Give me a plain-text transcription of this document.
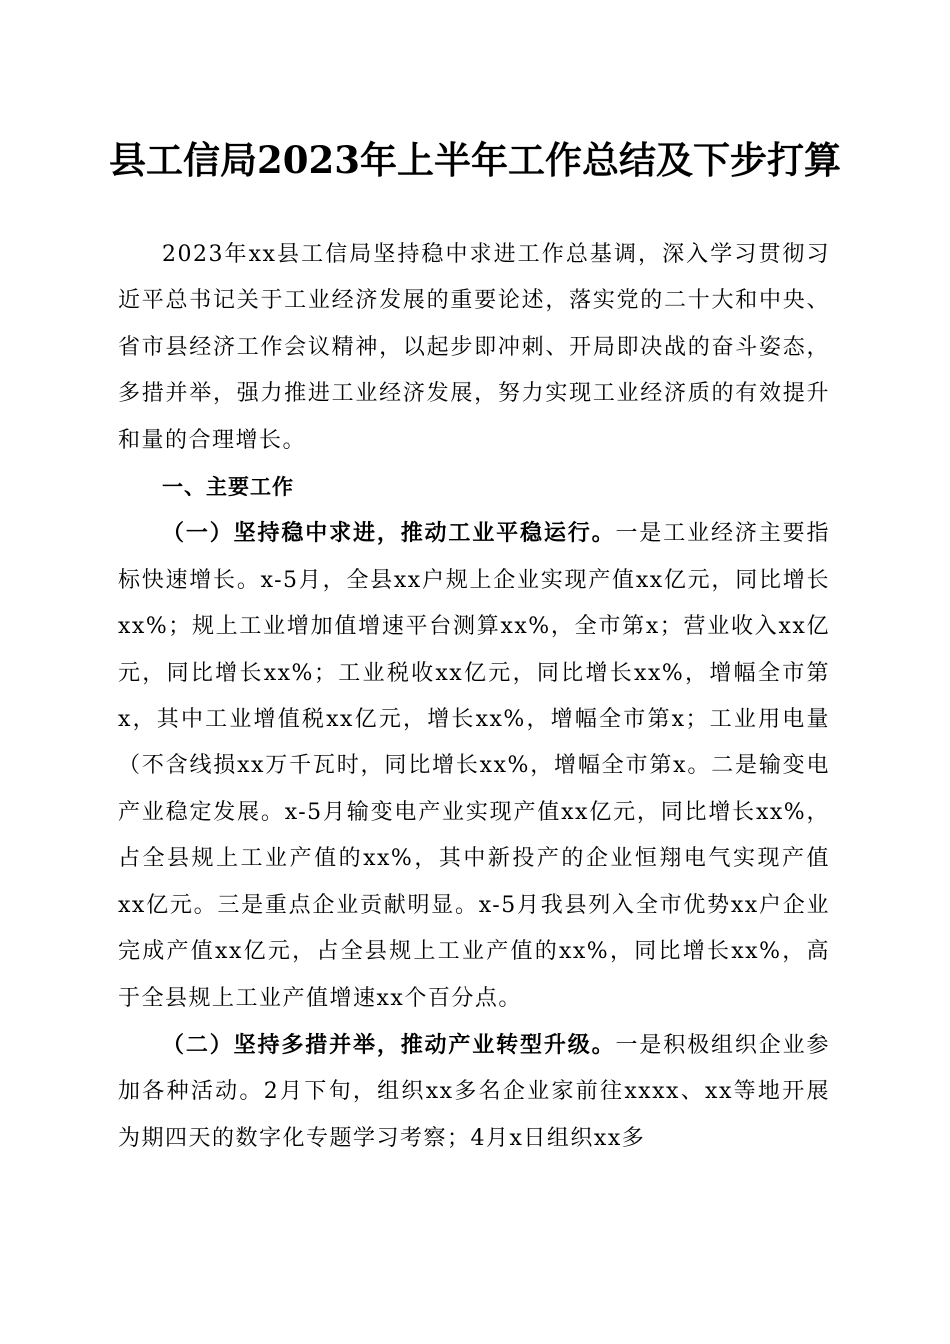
县工信局2023年上半年工作总结及下步打算

2023年xx县工信局坚持稳中求进工作总基调，深入学习贯彻习近平总书记关于工业经济发展的重要论述，落实党的二十大和中央、省市县经济工作会议精神，以起步即冲刺、开局即决战的奋斗姿态，多措并举，强力推进工业经济发展，努力实现工业经济质的有效提升和量的合理增长。

一、主要工作

（一）坚持稳中求进，推动工业平稳运行。一是工业经济主要指标快速增长。x-5月，全县xx户规上企业实现产值xx亿元，同比增长xx%；规上工业增加值增速平台测算xx%，全市第x；营业收入xx亿元，同比增长xx%；工业税收xx亿元，同比增长xx%，增幅全市第x，其中工业增值税xx亿元，增长xx%，增幅全市第x；工业用电量（不含线损xx万千瓦时，同比增长xx%，增幅全市第x。二是输变电产业稳定发展。x-5月输变电产业实现产值xx亿元，同比增长xx%，占全县规上工业产值的xx%，其中新投产的企业恒翔电气实现产值xx亿元。三是重点企业贡献明显。x-5月我县列入全市优势xx户企业完成产值xx亿元，占全县规上工业产值的xx%，同比增长xx%，高于全县规上工业产值增速xx个百分点。

（二）坚持多措并举，推动产业转型升级。一是积极组织企业参加各种活动。2月下旬，组织xx多名企业家前往xxxx、xx等地开展为期四天的数字化专题学习考察；4月x日组织xx多
